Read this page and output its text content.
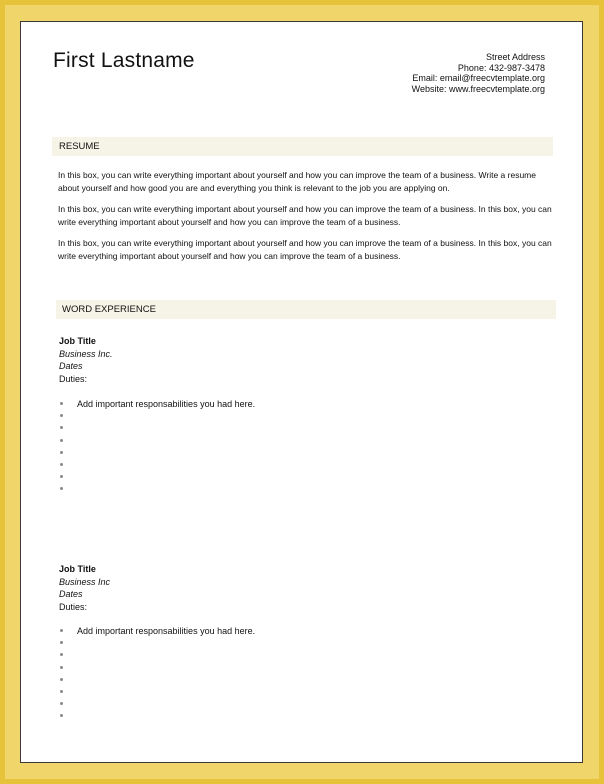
First Lastname	Street Address
Phone: 432-987-3478
Email: email@freecvtemplate.org
Website: www.freecvtemplate.org
RESUME

In this box, you can write everything important about yourself and how you can improve the team of a business. Write a resume about yourself and how good you are and everything you think is relevant to the job you are applying on.

In this box, you can write everything important about yourself and how you can improve the team of a business. In this box, you can write everything important about yourself and how you can improve the team of a business.

In this box, you can write everything important about yourself and how you can improve the team of a business. In this box, you can write everything important about yourself and how you can improve the team of a business.

WORD EXPERIENCE
Job Title
Business Inc.
Dates
Duties:
Add important responsabilities you had here.
Job Title
Business Inc
Dates
Duties:
Add important responsabilities you had here.
